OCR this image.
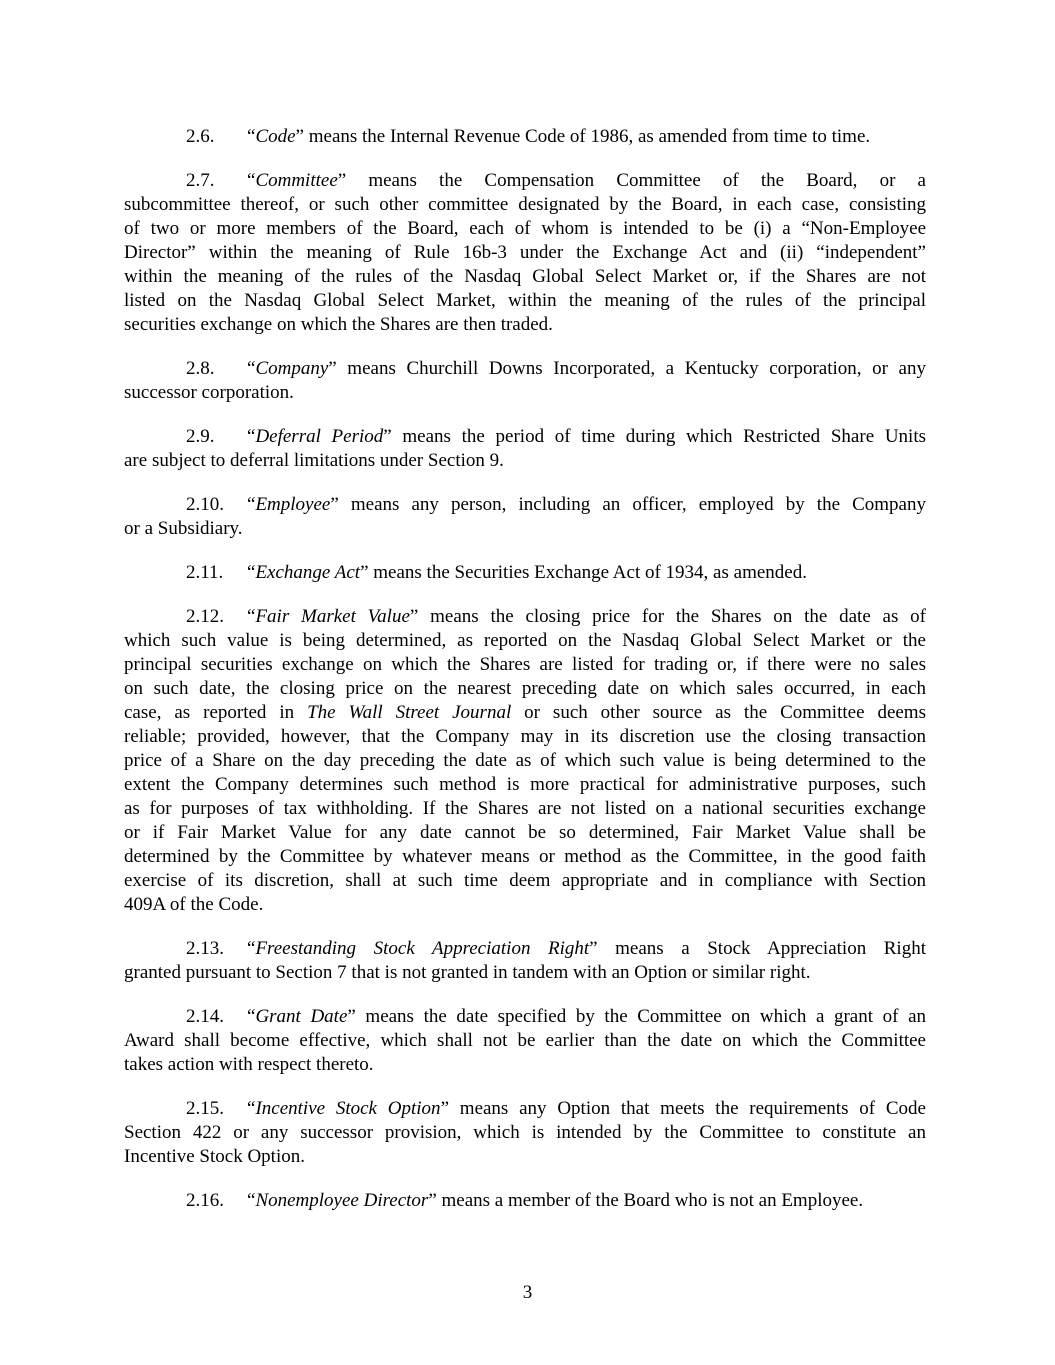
2.6. “Code” means the Internal Revenue Code of 1986, as amended from time to time.
2.7. “Committee” means the Compensation Committee of the Board, or a
subcommittee thereof, or such other committee designated by the Board, in each case, consisting
of two or more members of the Board, each of whom is intended to be (i) a “Non-Employee
Director” within the meaning of Rule 16b-3 under the Exchange Act and (ii) “independent”
within the meaning of the rules of the Nasdaq Global Select Market or, if the Shares are not
listed on the Nasdaq Global Select Market, within the meaning of the rules of the principal
securities exchange on which the Shares are then traded.
2.8. “Company” means Churchill Downs Incorporated, a Kentucky corporation, or any
successor corporation.
2.9. “Deferral Period” means the period of time during which Restricted Share Units
are subject to deferral limitations under Section 9.
2.10. “Employee” means any person, including an officer, employed by the Company
or a Subsidiary.
2.11. “Exchange Act” means the Securities Exchange Act of 1934, as amended.
2.12. “Fair Market Value” means the closing price for the Shares on the date as of
which such value is being determined, as reported on the Nasdaq Global Select Market or the
principal securities exchange on which the Shares are listed for trading or, if there were no sales
on such date, the closing price on the nearest preceding date on which sales occurred, in each
case, as reported in The Wall Street Journal or such other source as the Committee deems
reliable; provided, however, that the Company may in its discretion use the closing transaction
price of a Share on the day preceding the date as of which such value is being determined to the
extent the Company determines such method is more practical for administrative purposes, such
as for purposes of tax withholding. If the Shares are not listed on a national securities exchange
or if Fair Market Value for any date cannot be so determined, Fair Market Value shall be
determined by the Committee by whatever means or method as the Committee, in the good faith
exercise of its discretion, shall at such time deem appropriate and in compliance with Section
409A of the Code.
2.13. “Freestanding Stock Appreciation Right” means a Stock Appreciation Right
granted pursuant to Section 7 that is not granted in tandem with an Option or similar right.
2.14. “Grant Date” means the date specified by the Committee on which a grant of an
Award shall become effective, which shall not be earlier than the date on which the Committee
takes action with respect thereto.
2.15. “Incentive Stock Option” means any Option that meets the requirements of Code
Section 422 or any successor provision, which is intended by the Committee to constitute an
Incentive Stock Option.
2.16. “Nonemployee Director” means a member of the Board who is not an Employee.
3
